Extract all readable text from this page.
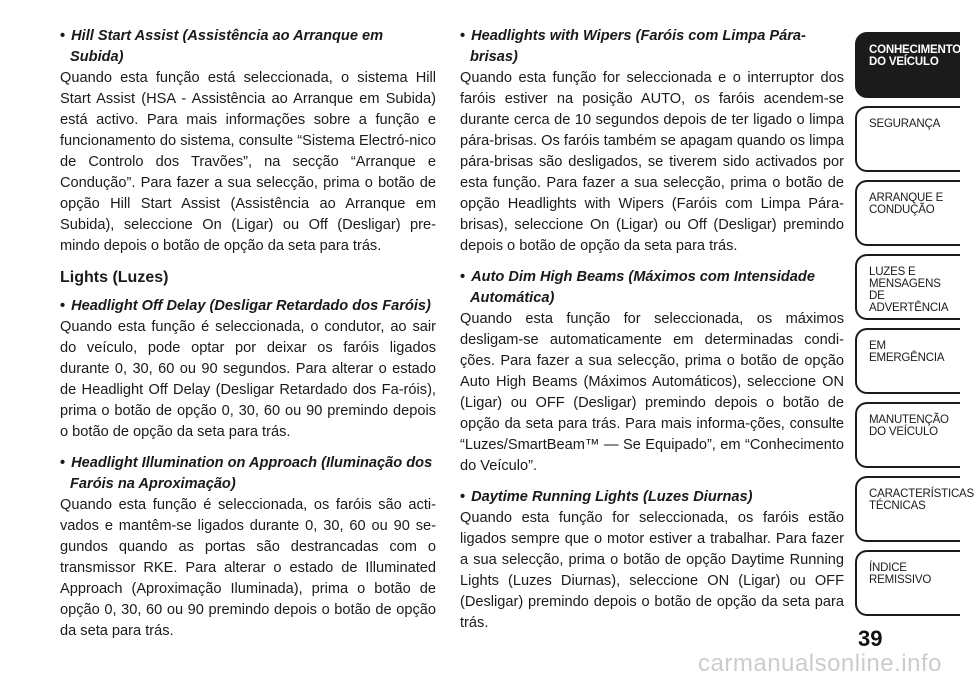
• Hill Start Assist (Assistência ao Arranque em Subida)

Quando esta função está seleccionada, o sistema Hill Start Assist (HSA - Assistência ao Arranque em Subida) está activo. Para mais informações sobre a função e funcionamento do sistema, consulte “Sistema Electró-nico de Controlo dos Travões”, na secção “Arranque e Condução”. Para fazer a sua selecção, prima o botão de opção Hill Start Assist (Assistência ao Arranque em Subida), seleccione On (Ligar) ou Off (Desligar) pre-mindo depois o botão de opção da seta para trás.

Lights (Luzes)

• Headlight Off Delay (Desligar Retardado dos Faróis)

Quando esta função é seleccionada, o condutor, ao sair do veículo, pode optar por deixar os faróis ligados durante 0, 30, 60 ou 90 segundos. Para alterar o estado de Headlight Off Delay (Desligar Retardado dos Fa-róis), prima o botão de opção 0, 30, 60 ou 90 premindo depois o botão de opção da seta para trás.

• Headlight Illumination on Approach (Iluminação dos Faróis na Aproximação)

Quando esta função é seleccionada, os faróis são acti-vados e mantêm-se ligados durante 0, 30, 60 ou 90 se-gundos quando as portas são destrancadas com o transmissor RKE. Para alterar o estado de Illuminated Approach (Aproximação Iluminada), prima o botão de opção 0, 30, 60 ou 90 premindo depois o botão de opção da seta para trás.

• Headlights with Wipers (Faróis com Limpa Pára-brisas)

Quando esta função for seleccionada e o interruptor dos faróis estiver na posição AUTO, os faróis acendem-se durante cerca de 10 segundos depois de ter ligado o limpa pára-brisas. Os faróis também se apagam quando os limpa pára-brisas são desligados, se tiverem sido activados por esta função. Para fazer a sua selecção, prima o botão de opção Headlights with Wipers (Faróis com Limpa Pára-brisas), seleccione On (Ligar) ou Off (Desligar) premindo depois o botão de opção da seta para trás.

• Auto Dim High Beams (Máximos com Intensidade Automática)

Quando esta função for seleccionada, os máximos desligam-se automaticamente em determinadas condi-ções. Para fazer a sua selecção, prima o botão de opção Auto High Beams (Máximos Automáticos), seleccione ON (Ligar) ou OFF (Desligar) premindo depois o botão de opção da seta para trás. Para mais informa-ções, consulte “Luzes/SmartBeam™ — Se Equipado”, em “Conhecimento do Veículo”.

• Daytime Running Lights (Luzes Diurnas)

Quando esta função for seleccionada, os faróis estão ligados sempre que o motor estiver a trabalhar. Para fazer a sua selecção, prima o botão de opção Daytime Running Lights (Luzes Diurnas), seleccione ON (Ligar) ou OFF (Desligar) premindo depois o botão de opção da seta para trás.

CONHECIMENTO DO VEÍCULO
SEGURANÇA
ARRANQUE E CONDUÇÃO
LUZES E MENSAGENS DE ADVERTÊNCIA
EM EMERGÊNCIA
MANUTENÇÃO DO VEÍCULO
CARACTERÍSTICAS TÉCNICAS
ÍNDICE REMISSIVO
39
carmanualsonline.info
